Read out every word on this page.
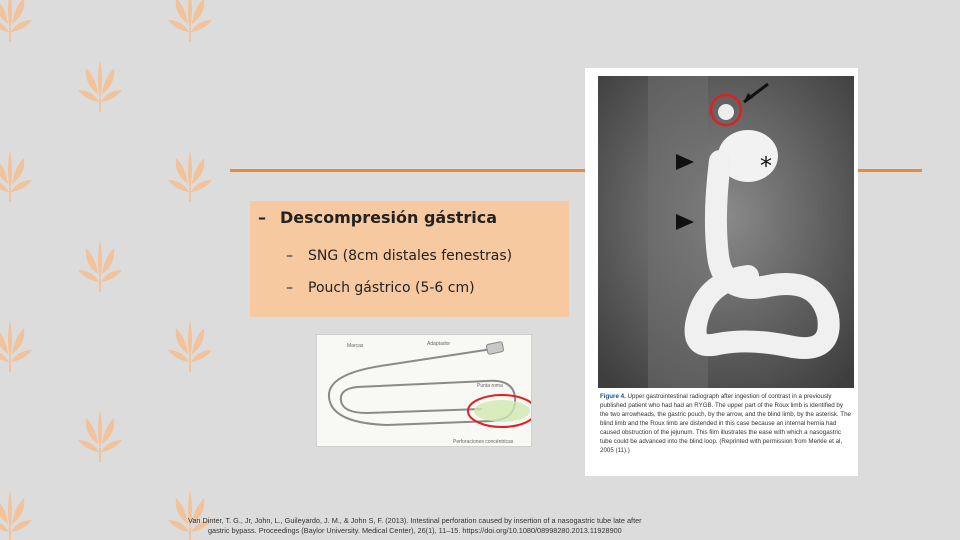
– Descompresión gástrica
– SNG (8cm distales fenestras)
– Pouch gástrico (5-6 cm)
Marcas	Adaptador
Punta roma
Perforaciones concéntricas
*
Figure 4. Upper gastrointestinal radiograph after ingestion of contrast in a previously published patient who had had an RYGB. The upper part of the Roux limb is identified by the two arrowheads, the gastric pouch, by the arrow, and the blind limb, by the asterisk. The blind limb and the Roux limb are distended in this case because an internal hernia had caused obstruction of the jejunum. This film illustrates the ease with which a nasogastric tube could be advanced into the blind loop. (Reprinted with permission from Merkle et al, 2005 (11).)
Van Dinter, T. G., Jr, John, L., Guileyardo, J. M., & John S, F. (2013). Intestinal perforation caused by insertion of a nasogastric tube late after
gastric bypass. Proceedings (Baylor University. Medical Center), 26(1), 11–15. https://doi.org/10.1080/08998280.2013.11928900
